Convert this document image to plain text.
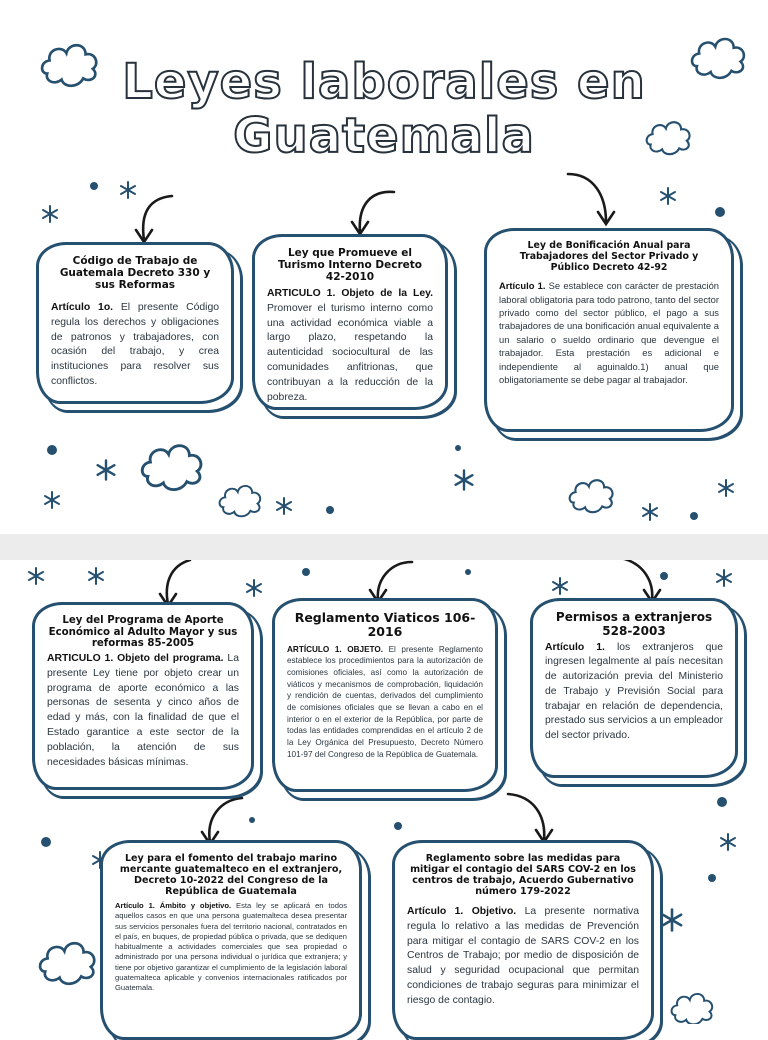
Leyes laborales en
Guatemala
Código de Trabajo de Guatemala Decreto 330 y sus Reformas
Artículo 1o. El presente Código regula los derechos y obligaciones de patronos y trabajadores, con ocasión del trabajo, y crea instituciones para resolver sus conflictos.
Ley que Promueve el Turismo Interno Decreto 42-2010
ARTICULO 1. Objeto de la Ley. Promover el turismo interno como una actividad económica viable a largo plazo, respetando la autenticidad sociocultural de las comunidades anfitrionas, que contribuyan a la reducción de la pobreza.
Ley de Bonificación Anual para Trabajadores del Sector Privado y Público Decreto 42-92
Artículo 1. Se establece con carácter de prestación laboral obligatoria para todo patrono, tanto del sector privado como del sector público, el pago a sus trabajadores de una bonificación anual equivalente a un salario o sueldo ordinario que devengue el trabajador. Esta prestación es adicional e independiente al aguinaldo.1) anual que obligatoriamente se debe pagar al trabajador.
Ley del Programa de Aporte Económico al Adulto Mayor y sus reformas 85-2005
ARTICULO 1. Objeto del programa. La presente Ley tiene por objeto crear un programa de aporte económico a las personas de sesenta y cinco años de edad y más, con la finalidad de que el Estado garantice a este sector de la población, la atención de sus necesidades básicas mínimas.
Reglamento Viaticos 106-2016
ARTÍCULO 1. OBJETO. El presente Reglamento establece los procedimientos para la autorización de comisiones oficiales, así como la autorización de viáticos y mecanismos de comprobación, liquidación y rendición de cuentas, derivados del cumplimiento de comisiones oficiales que se llevan a cabo en el interior o en el exterior de la República, por parte de todas las entidades comprendidas en el artículo 2 de la Ley Orgánica del Presupuesto, Decreto Número 101-97 del Congreso de la República de Guatemala.
Permisos a extranjeros 528-2003
Artículo 1. los extranjeros que ingresen legalmente al país necesitan de autorización previa del Ministerio de Trabajo y Previsión Social para trabajar en relación de dependencia, prestado sus servicios a un empleador del sector privado.
Ley para el fomento del trabajo marino mercante guatemalteco en el extranjero, Decreto 10-2022 del Congreso de la República de Guatemala
Artículo 1. Ámbito y objetivo. Esta ley se aplicará en todos aquellos casos en que una persona guatemalteca desea presentar sus servicios personales fuera del territorio nacional, contratados en el país, en buques, de propiedad pública o privada, que se dediquen habitualmente a actividades comerciales que sea propiedad o administrado por una persona individual o jurídica que extranjera; y tiene por objetivo garantizar el cumplimiento de la legislación laboral guatemalteca aplicable y convenios internacionales ratificados por Guatemala.
Reglamento sobre las medidas para mitigar el contagio del SARS COV-2 en los centros de trabajo, Acuerdo Gubernativo número 179-2022
Artículo 1. Objetivo. La presente normativa regula lo relativo a las medidas de Prevención para mitigar el contagio de SARS COV-2 en los Centros de Trabajo; por medio de disposición de salud y seguridad ocupacional que permitan condiciones de trabajo seguras para minimizar el riesgo de contagio.
